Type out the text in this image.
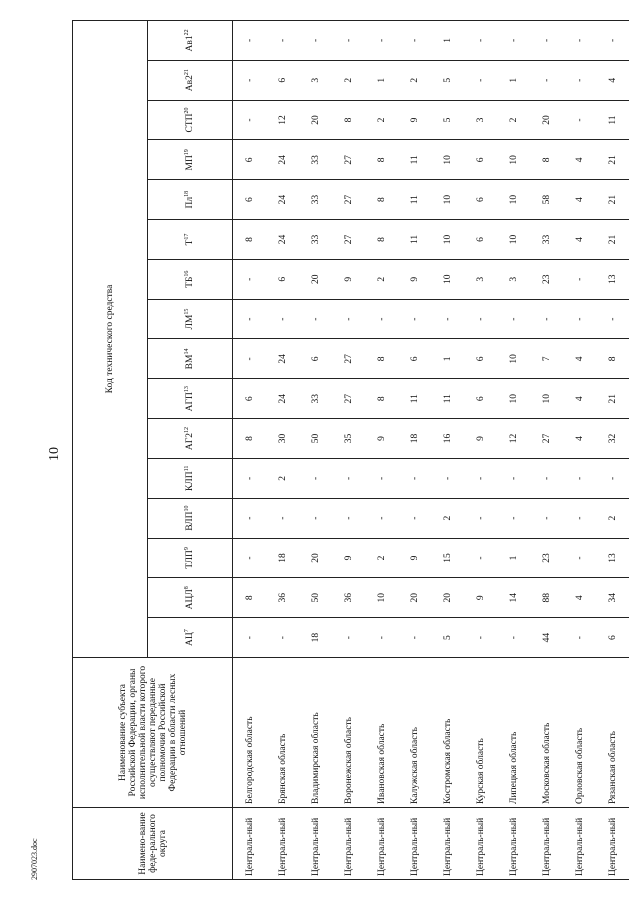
10
2907023.doc	Наимено-вание феде-рального округа	Наименование субъекта Российской Федерации, органы исполнительной власти которого осуществляют переданные полномочия Российской Федерации в области лесных отношений	Код технического средства															
		$АЦ^7$	АЦЛ$^8$	ТЛП$^9$	ВЛП$^{10}$	КЛП$^{11}$	$АГ2^{12}$	АГП$^{13}$	ВМ$^{14}$	ЛМ$^{15}$	ТБ$^{16}$	$Т^{17}$	$Пл^{18}$	МП$^{19}$	СТП$^{20}$	$Ав2^{21}$	$Ав1^{22}$
Централь-ный	Белгородская область	-	8	-	-	-	8	6	-	-	-	8	6	6	-	-	-
Централь-ный	Брянская область	-	36	18	-	2	30	24	24	-	6	24	24	24	12	6	-
Централь-ный	Владимирская область	18	50	20	-	-	50	33	6	-	20	33	33	33	20	3	-
Централь-ный	Воронежская область	-	36	9	-	-	35	27	27	-	9	27	27	27	8	2	-
Централь-ный	Ивановская область	-	10	2	-	-	9	8	8	-	2	8	8	8	2	1	-
Централь-ный	Калужская область	-	20	9	-	-	18	11	6	-	9	11	11	11	9	2	-
Централь-ный	Костромская область	5	20	15	2	-	16	11	1	-	10	10	10	10	5	5	1
Централь-ный	Курская область	-	9	-	-	-	9	6	6	-	3	6	6	6	3	-	-
Централь-ный	Липецкая область	-	14	1	-	-	12	10	10	-	3	10	10	10	2	1	-
Централь-ный	Московская область	44	88	23	-	-	27	10	7	-	23	33	58	8	20	-	-
Централь-ный	Орловская область	-	4	-	-	-	4	4	4	-	-	4	4	4	-	-	-
Централь-ный	Рязанская область	6	34	13	2	-	32	21	8	-	13	21	21	21	11	4	-
